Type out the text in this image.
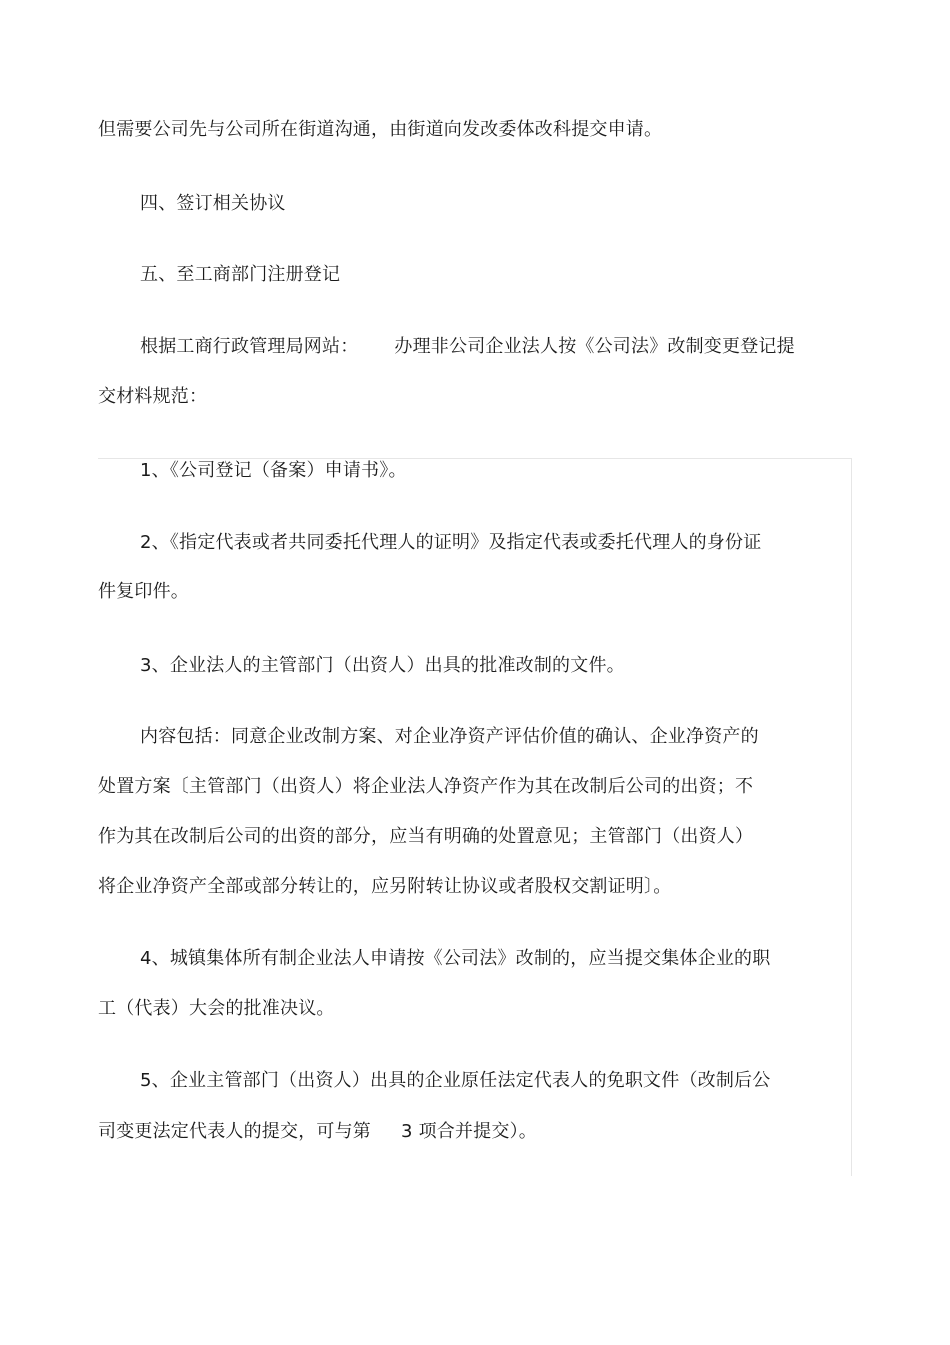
但需要公司先与公司所在街道沟通，由街道向发改委体改科提交申请。
四、签订相关协议
五、至工商部门注册登记
根据工商行政管理局网站： 办理非公司企业法人按《公司法》改制变更登记提
交材料规范：
1、《公司登记（备案）申请书》。
2、《指定代表或者共同委托代理人的证明》及指定代表或委托代理人的身份证
件复印件。
3、企业法人的主管部门（出资人）出具的批准改制的文件。
内容包括：同意企业改制方案、对企业净资产评估价值的确认、企业净资产的
处置方案〔主管部门（出资人）将企业法人净资产作为其在改制后公司的出资；不
作为其在改制后公司的出资的部分，应当有明确的处置意见；主管部门（出资人）
将企业净资产全部或部分转让的，应另附转让协议或者股权交割证明〕。
4、城镇集体所有制企业法人申请按《公司法》改制的，应当提交集体企业的职
工（代表）大会的批准决议。
5、企业主管部门（出资人）出具的企业原任法定代表人的免职文件（改制后公
司变更法定代表人的提交，可与第 3 项合并提交）。
